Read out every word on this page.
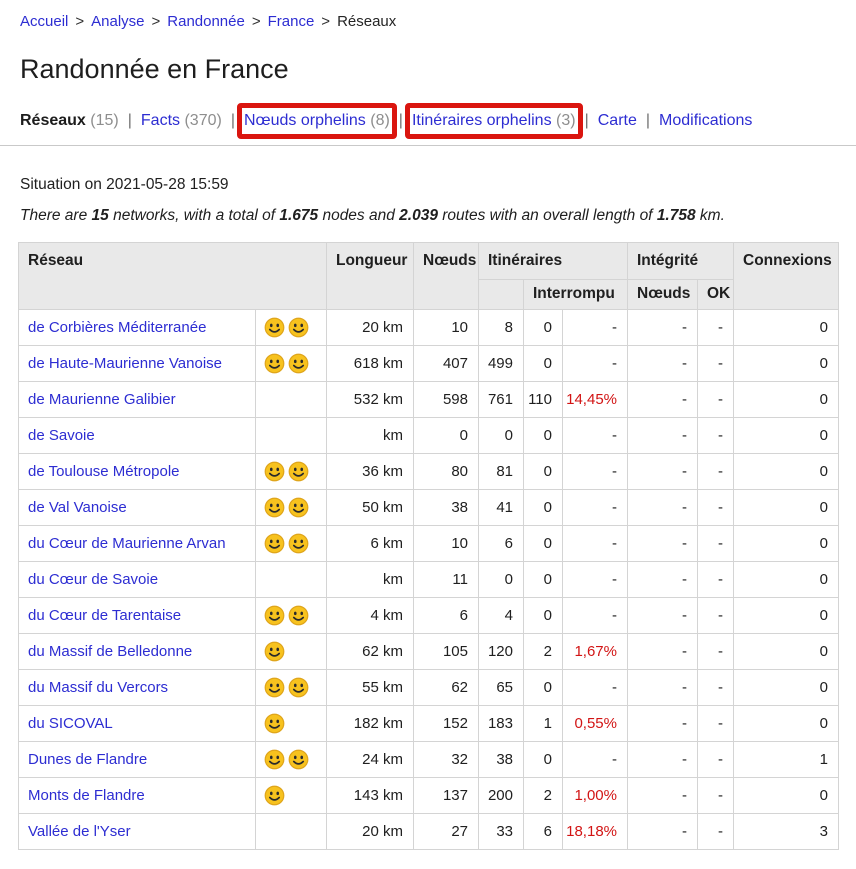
Accueil > Analyse > Randonnée > France > Réseaux
Randonnée en France
Réseaux (15) | Facts (370) | Nœuds orphelins (8) | Itinéraires orphelins (3) | Carte | Modifications

Situation on 2021-05-28 15:59

There are 15 networks, with a total of 1.675 nodes and 2.039 routes with an overall length of 1.758 km.

Réseau		Longueur	Nœuds	Itinéraires			Intégrité		Connexions
					Interrompu		Nœuds	OK	
de Corbières Méditerranée		20 km	10	8	0	-	-	-	0
de Haute-Maurienne Vanoise		618 km	407	499	0	-	-	-	0
de Maurienne Galibier		532 km	598	761	110	14,45%	-	-	0
de Savoie		km	0	0	0	-	-	-	0
de Toulouse Métropole		36 km	80	81	0	-	-	-	0
de Val Vanoise		50 km	38	41	0	-	-	-	0
du Cœur de Maurienne Arvan		6 km	10	6	0	-	-	-	0
du Cœur de Savoie		km	11	0	0	-	-	-	0
du Cœur de Tarentaise		4 km	6	4	0	-	-	-	0
du Massif de Belledonne		62 km	105	120	2	1,67%	-	-	0
du Massif du Vercors		55 km	62	65	0	-	-	-	0
du SICOVAL		182 km	152	183	1	0,55%	-	-	0
Dunes de Flandre		24 km	32	38	0	-	-	-	1
Monts de Flandre		143 km	137	200	2	1,00%	-	-	0
Vallée de l'Yser		20 km	27	33	6	18,18%	-	-	3
